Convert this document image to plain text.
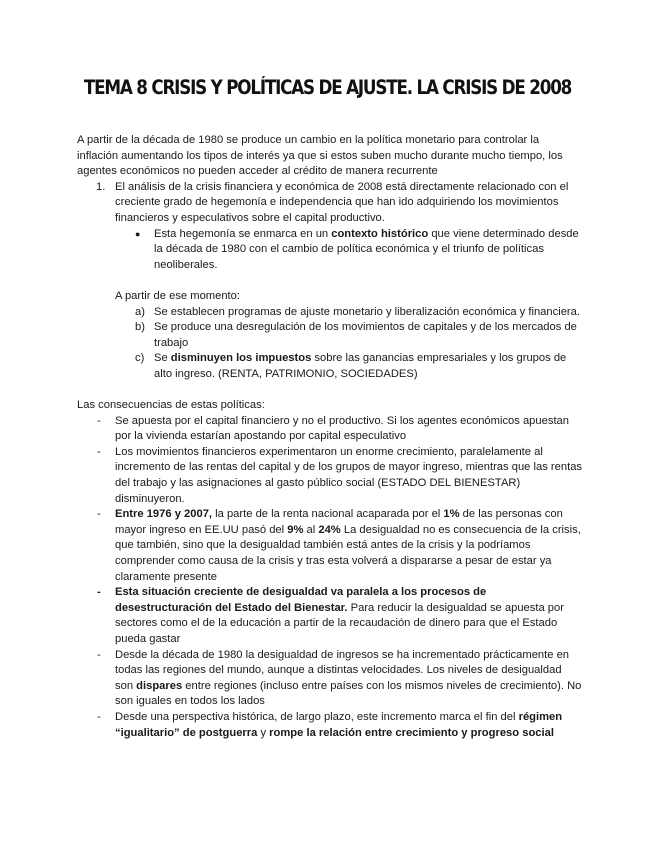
TEMA 8 CRISIS Y POLÍTICAS DE AJUSTE. LA CRISIS DE 2008

A partir de la década de 1980 se produce un cambio en la política monetario para controlar la inflación aumentando los tipos de interés ya que si estos suben mucho durante mucho tiempo, los agentes económicos no pueden acceder al crédito de manera recurrente

1. El análisis de la crisis financiera y económica de 2008 está directamente relacionado con el creciente grado de hegemonía e independencia que han ido adquiriendo los movimientos financieros y especulativos sobre el capital productivo.
● Esta hegemonía se enmarca en un contexto histórico que viene determinado desde la década de 1980 con el cambio de política económica y el triunfo de políticas neoliberales.

A partir de ese momento:

a) Se establecen programas de ajuste monetario y liberalización económica y financiera.
b) Se produce una desregulación de los movimientos de capitales y de los mercados de trabajo
c) Se disminuyen los impuestos sobre las ganancias empresariales y los grupos de alto ingreso. (RENTA, PATRIMONIO, SOCIEDADES)

Las consecuencias de estas políticas:

- Se apuesta por el capital financiero y no el productivo. Si los agentes económicos apuestan por la vivienda estarían apostando por capital especulativo
- Los movimientos financieros experimentaron un enorme crecimiento, paralelamente al incremento de las rentas del capital y de los grupos de mayor ingreso, mientras que las rentas del trabajo y las asignaciones al gasto público social (ESTADO DEL BIENESTAR) disminuyeron.
- Entre 1976 y 2007, la parte de la renta nacional acaparada por el 1% de las personas con mayor ingreso en EE.UU pasó del 9% al 24% La desigualdad no es consecuencia de la crisis, que también, sino que la desigualdad también está antes de la crisis y la podríamos comprender como causa de la crisis y tras esta volverá a dispararse a pesar de estar ya claramente presente
- Esta situación creciente de desigualdad va paralela a los procesos de desestructuración del Estado del Bienestar. Para reducir la desigualdad se apuesta por sectores como el de la educación a partir de la recaudación de dinero para que el Estado pueda gastar
- Desde la década de 1980 la desigualdad de ingresos se ha incrementado prácticamente en todas las regiones del mundo, aunque a distintas velocidades. Los niveles de desigualdad son dispares entre regiones (incluso entre países con los mismos niveles de crecimiento). No son iguales en todos los lados
- Desde una perspectiva histórica, de largo plazo, este incremento marca el fin del régimen “igualitario” de postguerra y rompe la relación entre crecimiento y progreso social
